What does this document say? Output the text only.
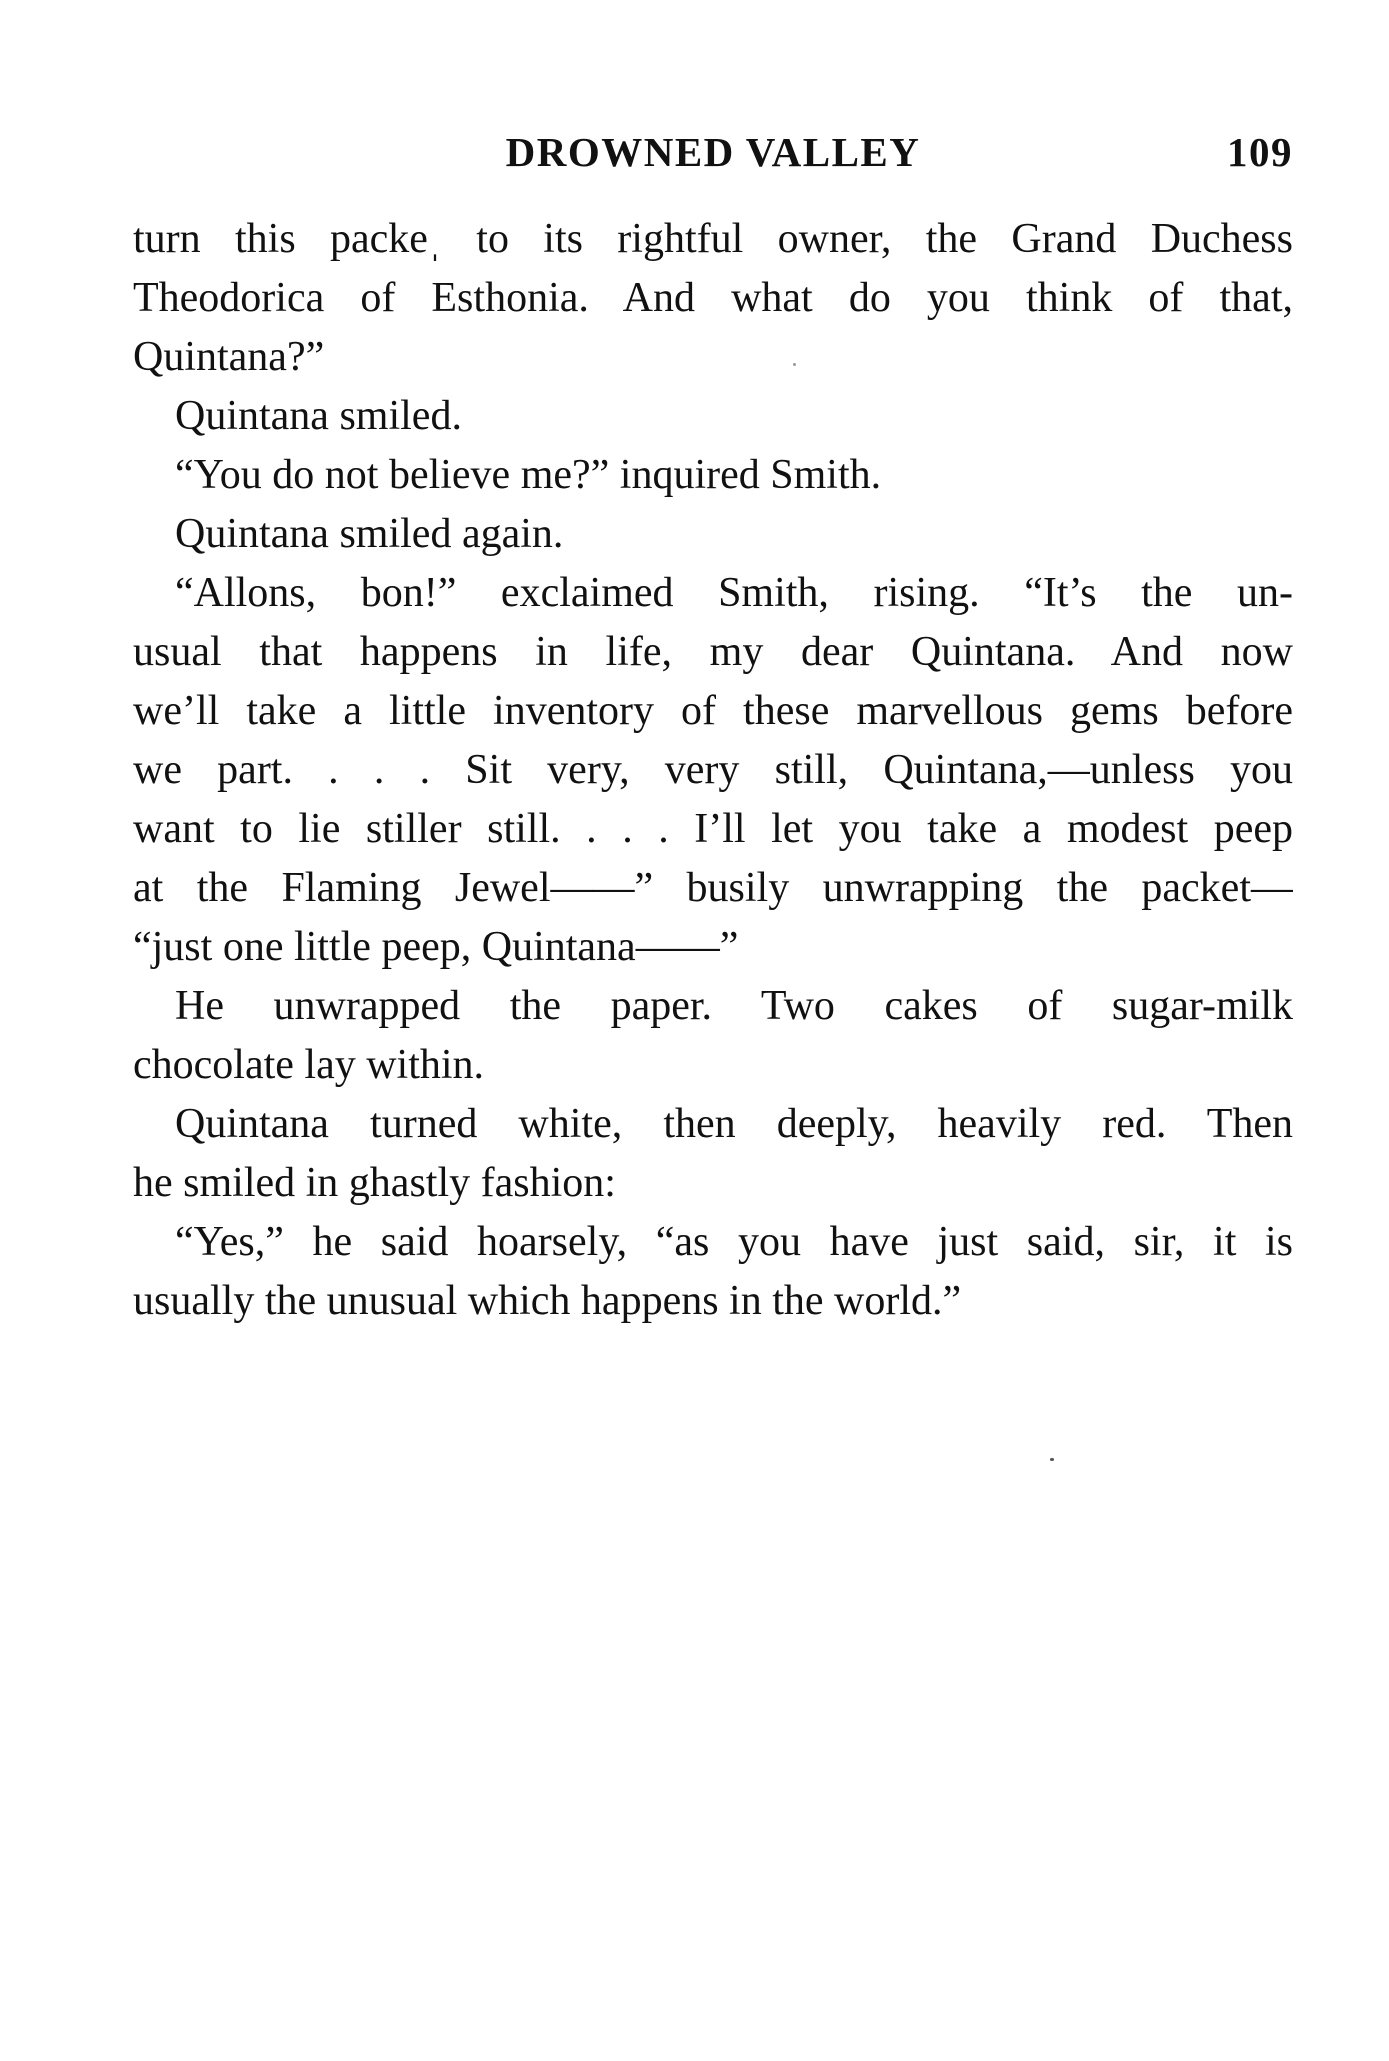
DROWNED VALLEY	109
turn this packeˌ to its rightful owner, the Grand Duchess
Theodorica of Esthonia. And what do you think of that,
Quintana?”
Quintana smiled.
“You do not believe me?” inquired Smith.
Quintana smiled again.
“Allons, bon!” exclaimed Smith, rising. “It’s the un-
usual that happens in life, my dear Quintana. And now
we’ll take a little inventory of these marvellous gems before
we part. . . . Sit very, very still, Quintana,—unless you
want to lie stiller still. . . . I’ll let you take a modest peep
at the Flaming Jewel——” busily unwrapping the packet—
“just one little peep, Quintana——”
He unwrapped the paper. Two cakes of sugar-milk
chocolate lay within.
Quintana turned white, then deeply, heavily red. Then
he smiled in ghastly fashion:
“Yes,” he said hoarsely, “as you have just said, sir, it is
usually the unusual which happens in the world.”
